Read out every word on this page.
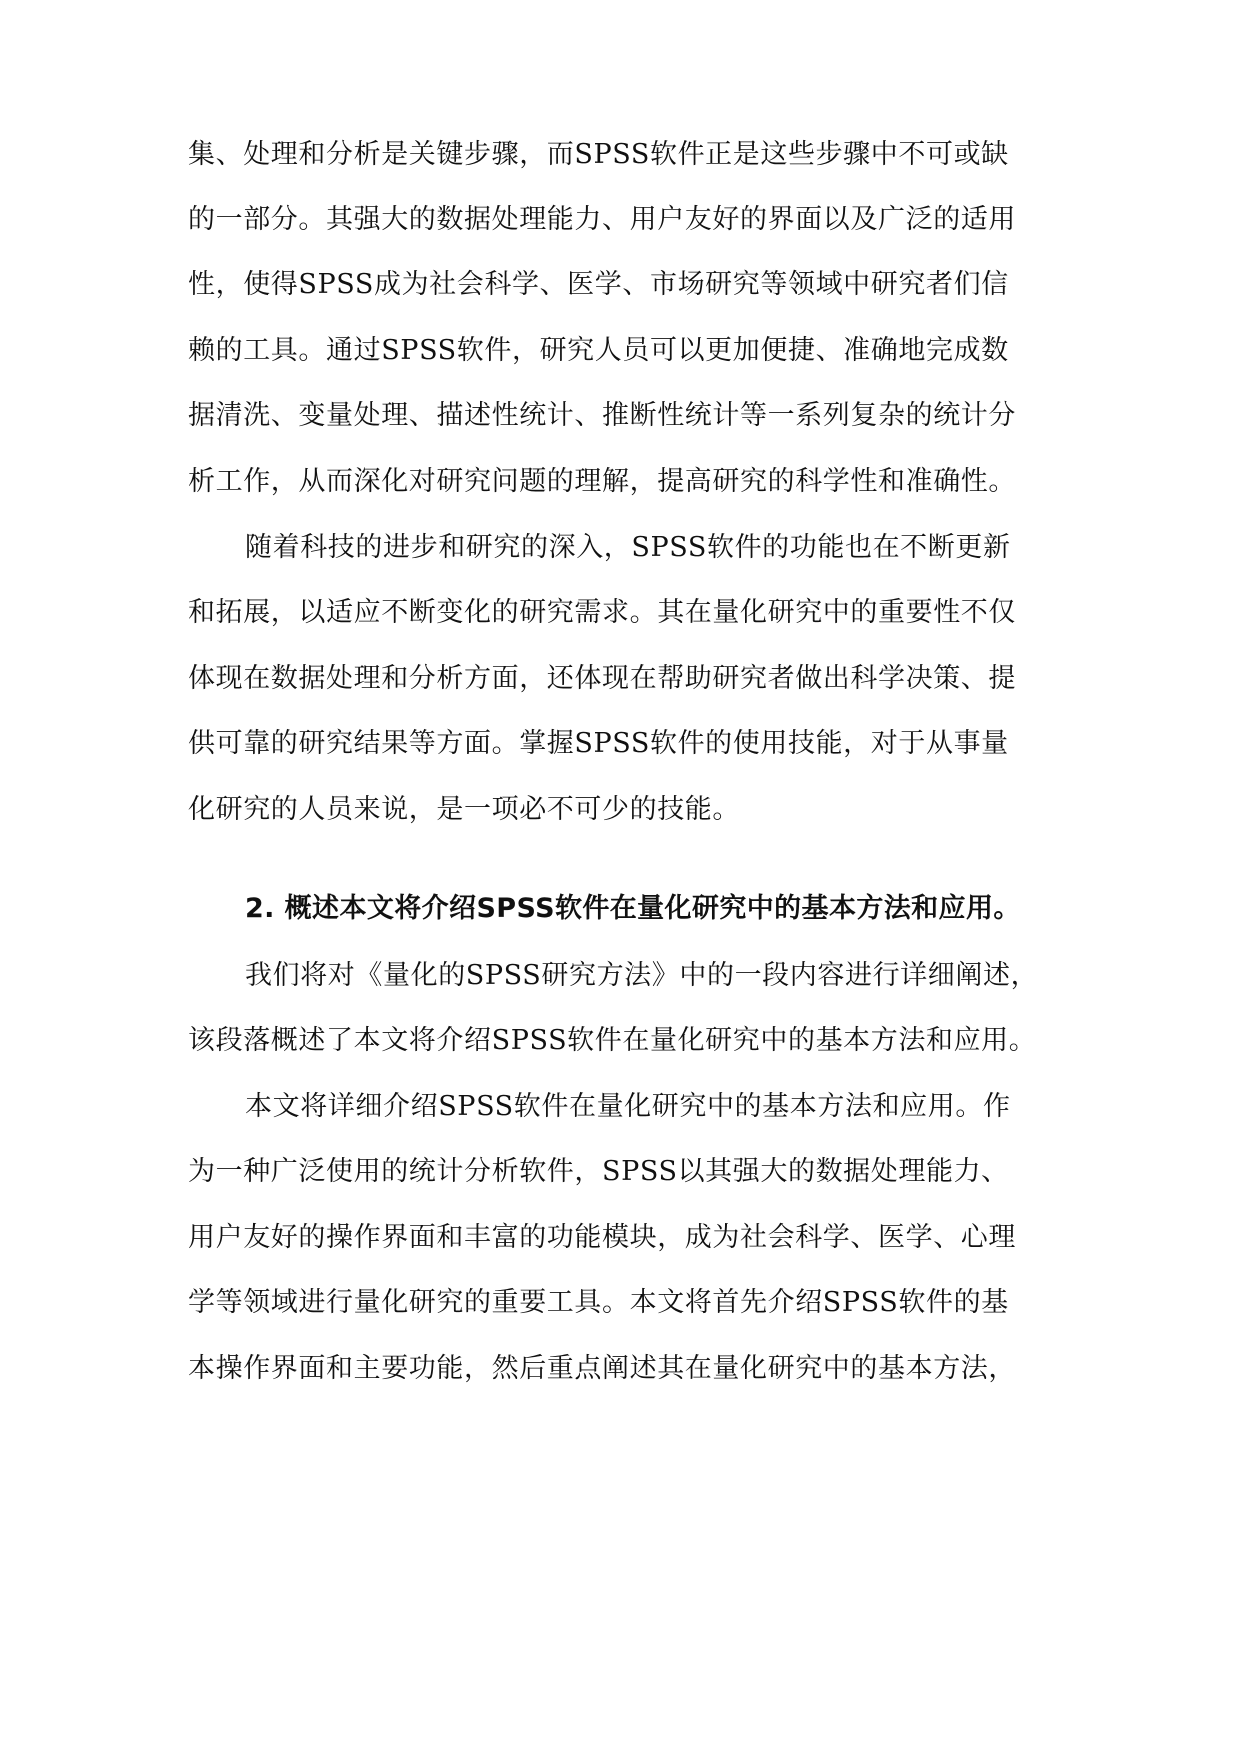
集、处理和分析是关键步骤，而SPSS软件正是这些步骤中不可或缺
的一部分。其强大的数据处理能力、用户友好的界面以及广泛的适用
性，使得SPSS成为社会科学、医学、市场研究等领域中研究者们信
赖的工具。通过SPSS软件，研究人员可以更加便捷、准确地完成数
据清洗、变量处理、描述性统计、推断性统计等一系列复杂的统计分
析工作，从而深化对研究问题的理解，提高研究的科学性和准确性。
随着科技的进步和研究的深入，SPSS软件的功能也在不断更新
和拓展，以适应不断变化的研究需求。其在量化研究中的重要性不仅
体现在数据处理和分析方面，还体现在帮助研究者做出科学决策、提
供可靠的研究结果等方面。掌握SPSS软件的使用技能，对于从事量
化研究的人员来说，是一项必不可少的技能。
2. 概述本文将介绍SPSS软件在量化研究中的基本方法和应用。
我们将对《量化的SPSS研究方法》中的一段内容进行详细阐述，
该段落概述了本文将介绍SPSS软件在量化研究中的基本方法和应用。
本文将详细介绍SPSS软件在量化研究中的基本方法和应用。作
为一种广泛使用的统计分析软件，SPSS以其强大的数据处理能力、
用户友好的操作界面和丰富的功能模块，成为社会科学、医学、心理
学等领域进行量化研究的重要工具。本文将首先介绍SPSS软件的基
本操作界面和主要功能，然后重点阐述其在量化研究中的基本方法，
